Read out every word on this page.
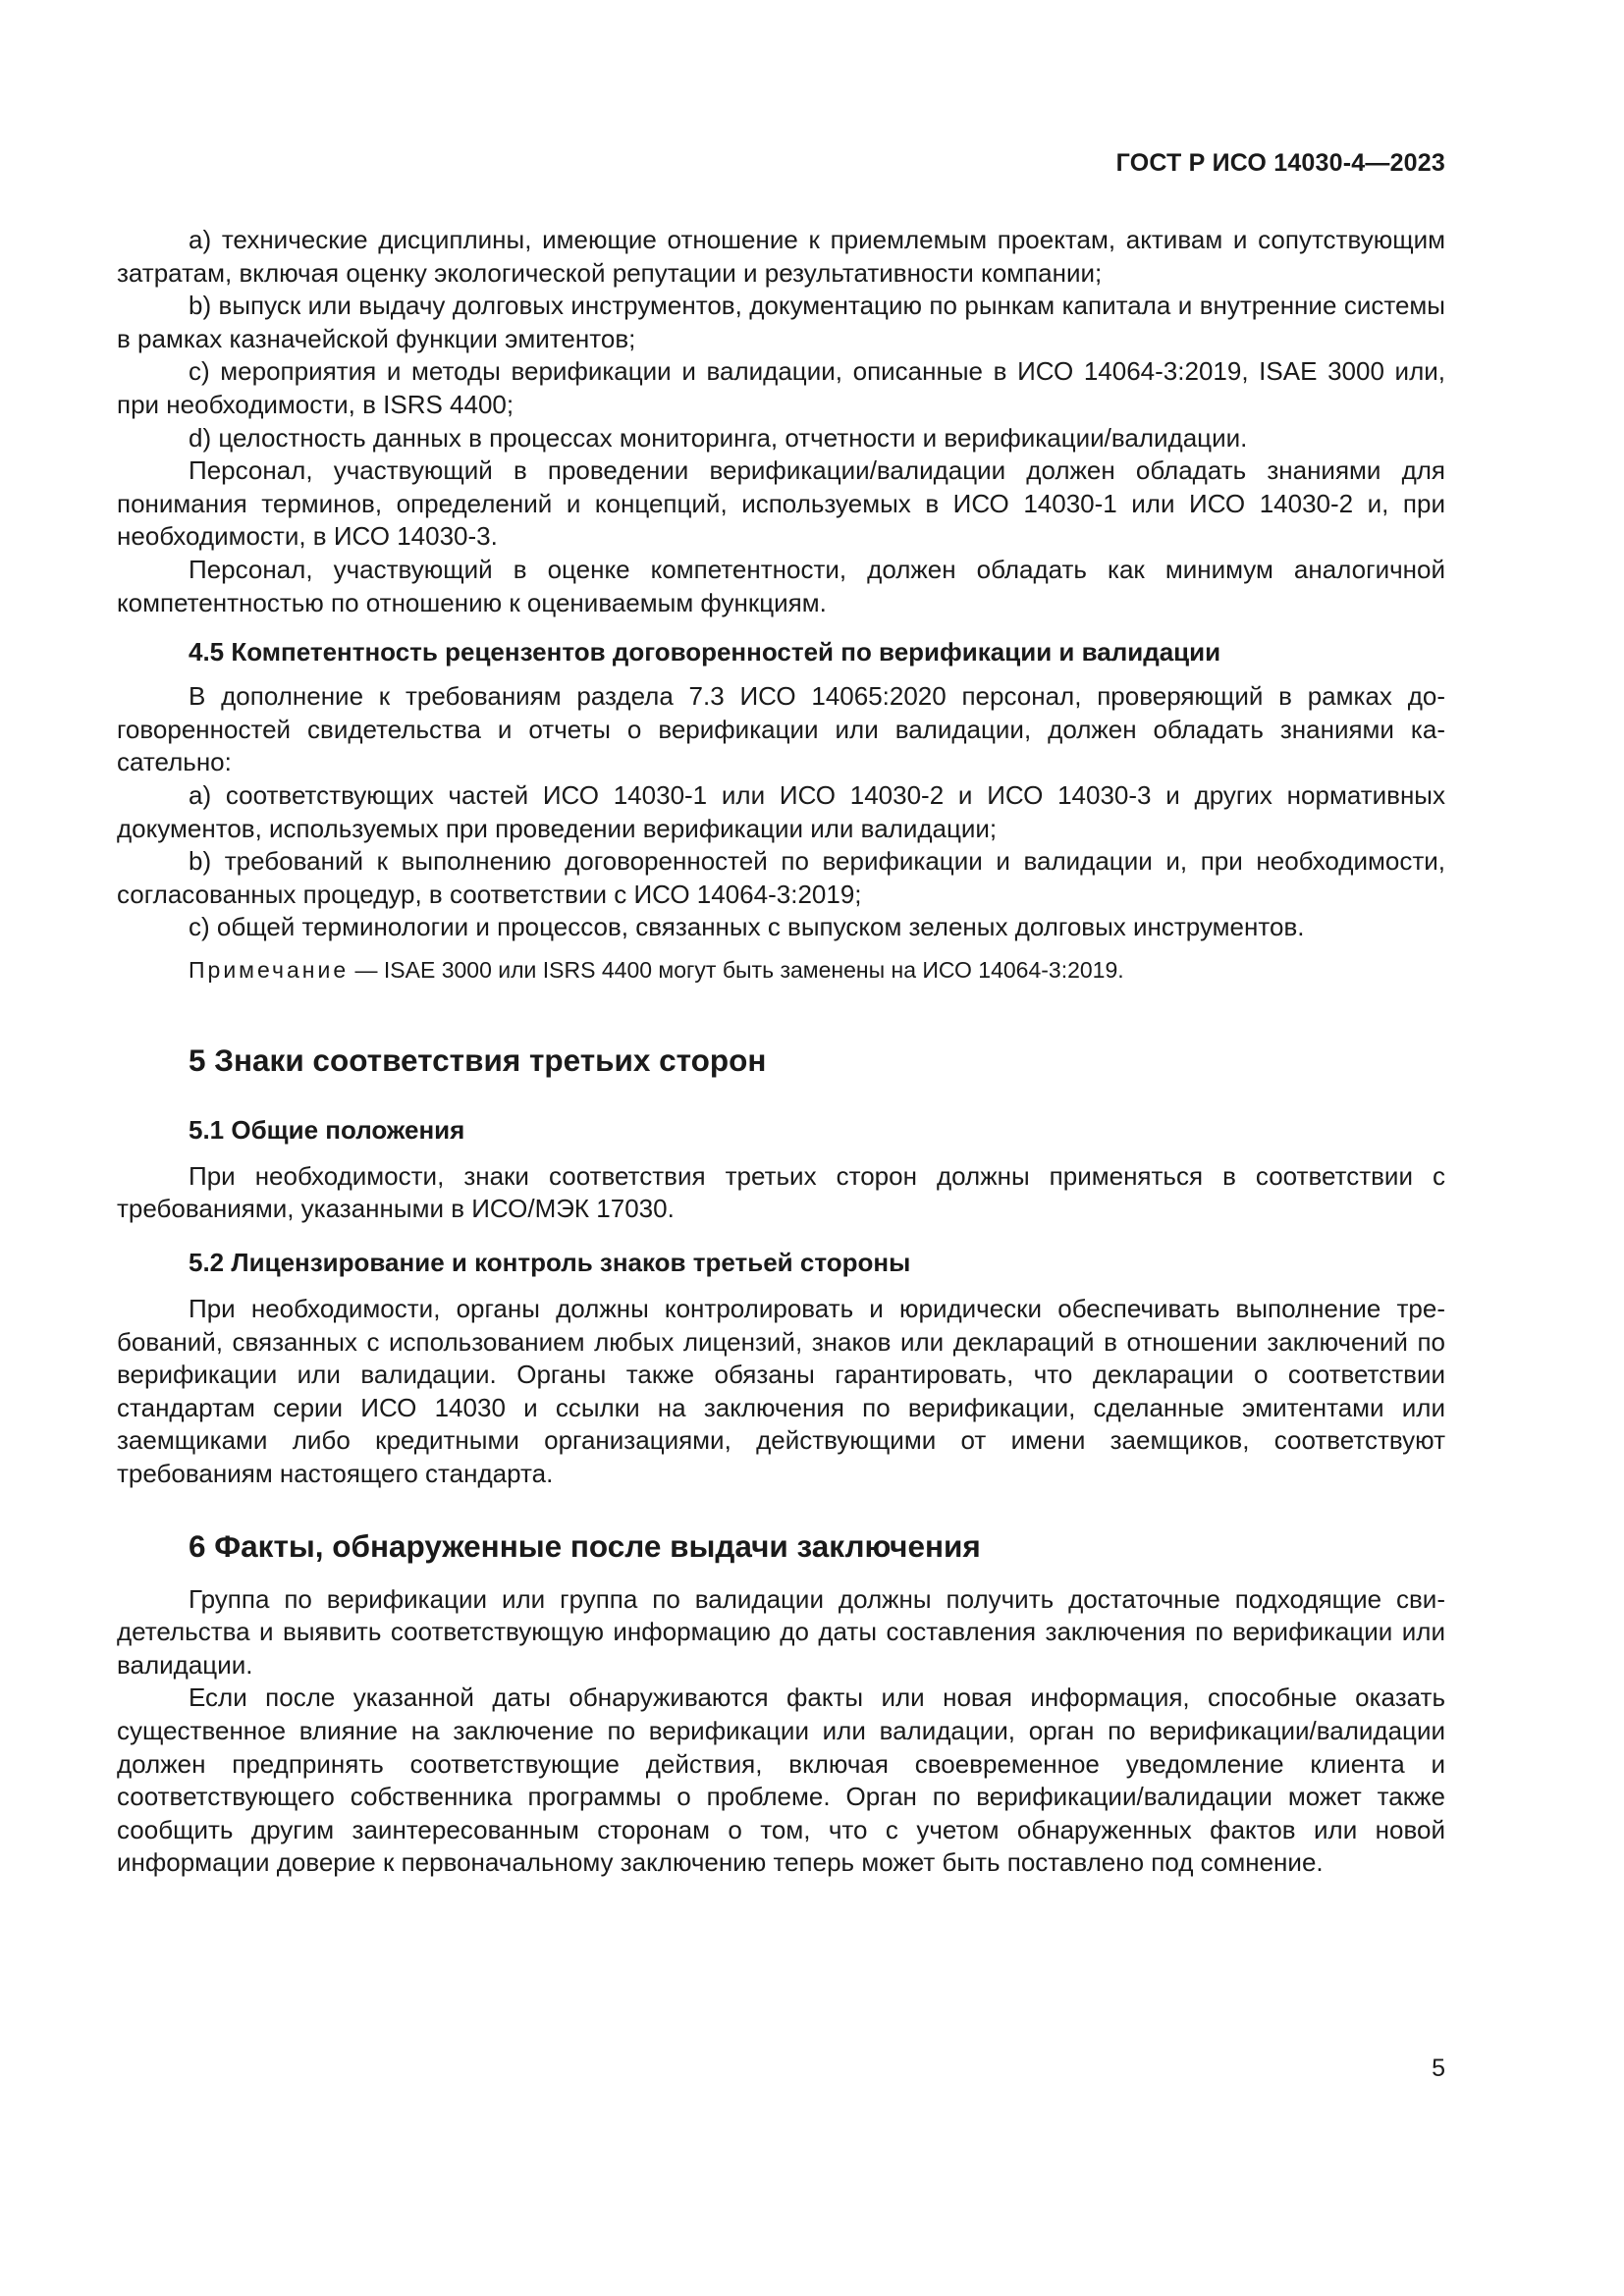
ГОСТ Р ИСО 14030-4—2023

a) технические дисциплины, имеющие отношение к приемлемым проектам, активам и сопутствующим затратам, включая оценку экологической репутации и результативности компании;

b) выпуск или выдачу долговых инструментов, документацию по рынкам капитала и внутренние системы в рамках казначейской функции эмитентов;

c) мероприятия и методы верификации и валидации, описанные в ИСО 14064-3:2019, ISAE 3000 или, при необходимости, в ISRS 4400;

d) целостность данных в процессах мониторинга, отчетности и верификации/валидации.

Персонал, участвующий в проведении верификации/валидации должен обладать знаниями для понимания терминов, определений и концепций, используемых в ИСО 14030-1 или ИСО 14030-2 и, при необходимости, в ИСО 14030-3.

Персонал, участвующий в оценке компетентности, должен обладать как минимум аналогичной компетентностью по отношению к оцениваемым функциям.

4.5 Компетентность рецензентов договоренностей по верификации и валидации

В дополнение к требованиям раздела 7.3 ИСО 14065:2020 персонал, проверяющий в рамках договоренностей свидетельства и отчеты о верификации или валидации, должен обладать знаниями касательно:

a) соответствующих частей ИСО 14030-1 или ИСО 14030-2 и ИСО 14030-3 и других нормативных документов, используемых при проведении верификации или валидации;

b) требований к выполнению договоренностей по верификации и валидации и, при необходимости, согласованных процедур, в соответствии с ИСО 14064-3:2019;

c) общей терминологии и процессов, связанных с выпуском зеленых долговых инструментов.

Примечание — ISAE 3000 или ISRS 4400 могут быть заменены на ИСО 14064-3:2019.

5 Знаки соответствия третьих сторон
5.1 Общие положения

При необходимости, знаки соответствия третьих сторон должны применяться в соответствии с требованиями, указанными в ИСО/МЭК 17030.

5.2 Лицензирование и контроль знаков третьей стороны

При необходимости, органы должны контролировать и юридически обеспечивать выполнение требований, связанных с использованием любых лицензий, знаков или деклараций в отношении заключений по верификации или валидации. Органы также обязаны гарантировать, что декларации о соответствии стандартам серии ИСО 14030 и ссылки на заключения по верификации, сделанные эмитентами или заемщиками либо кредитными организациями, действующими от имени заемщиков, соответствуют требованиям настоящего стандарта.

6 Факты, обнаруженные после выдачи заключения

Группа по верификации или группа по валидации должны получить достаточные подходящие свидетельства и выявить соответствующую информацию до даты составления заключения по верификации или валидации.

Если после указанной даты обнаруживаются факты или новая информация, способные оказать существенное влияние на заключение по верификации или валидации, орган по верификации/валидации должен предпринять соответствующие действия, включая своевременное уведомление клиента и соответствующего собственника программы о проблеме. Орган по верификации/валидации может также сообщить другим заинтересованным сторонам о том, что с учетом обнаруженных фактов или новой информации доверие к первоначальному заключению теперь может быть поставлено под сомнение.

5
